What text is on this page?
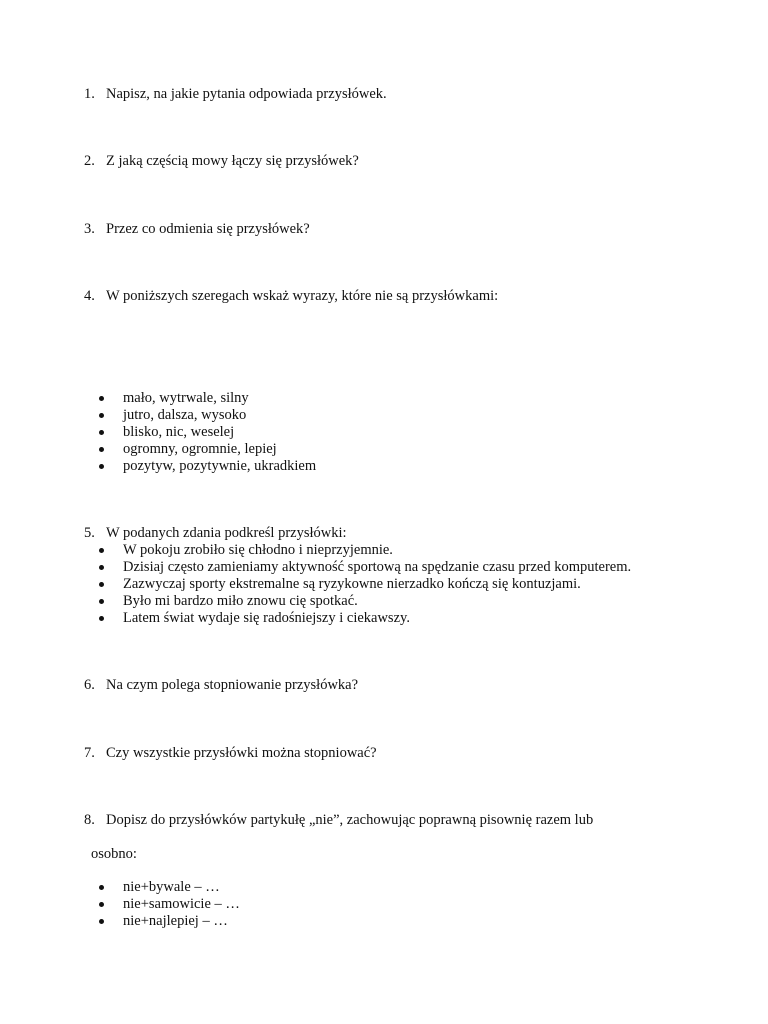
1. Napisz, na jakie pytania odpowiada przysłówek.
2. Z jaką częścią mowy łączy się przysłówek?
3. Przez co odmienia się przysłówek?
4. W poniższych szeregach wskaż wyrazy, które nie są przysłówkami:
mało, wytrwale, silny
jutro, dalsza, wysoko
blisko, nic, weselej
ogromny, ogromnie, lepiej
pozytyw, pozytywnie, ukradkiem
5. W podanych zdania podkreśl przysłówki:
W pokoju zrobiło się chłodno i nieprzyjemnie.
Dzisiaj często zamieniamy aktywność sportową na spędzanie czasu przed komputerem.
Zazwyczaj sporty ekstremalne są ryzykowne nierzadko kończą się kontuzjami.
Było mi bardzo miło znowu cię spotkać.
Latem świat wydaje się radośniejszy i ciekawszy.
6. Na czym polega stopniowanie przysłówka?
7. Czy wszystkie przysłówki można stopniować?
8. Dopisz do przysłówków partykułę „nie”, zachowując poprawną pisownię razem lub
osobno:
nie+bywale – …
nie+samowicie – …
nie+najlepiej – …
